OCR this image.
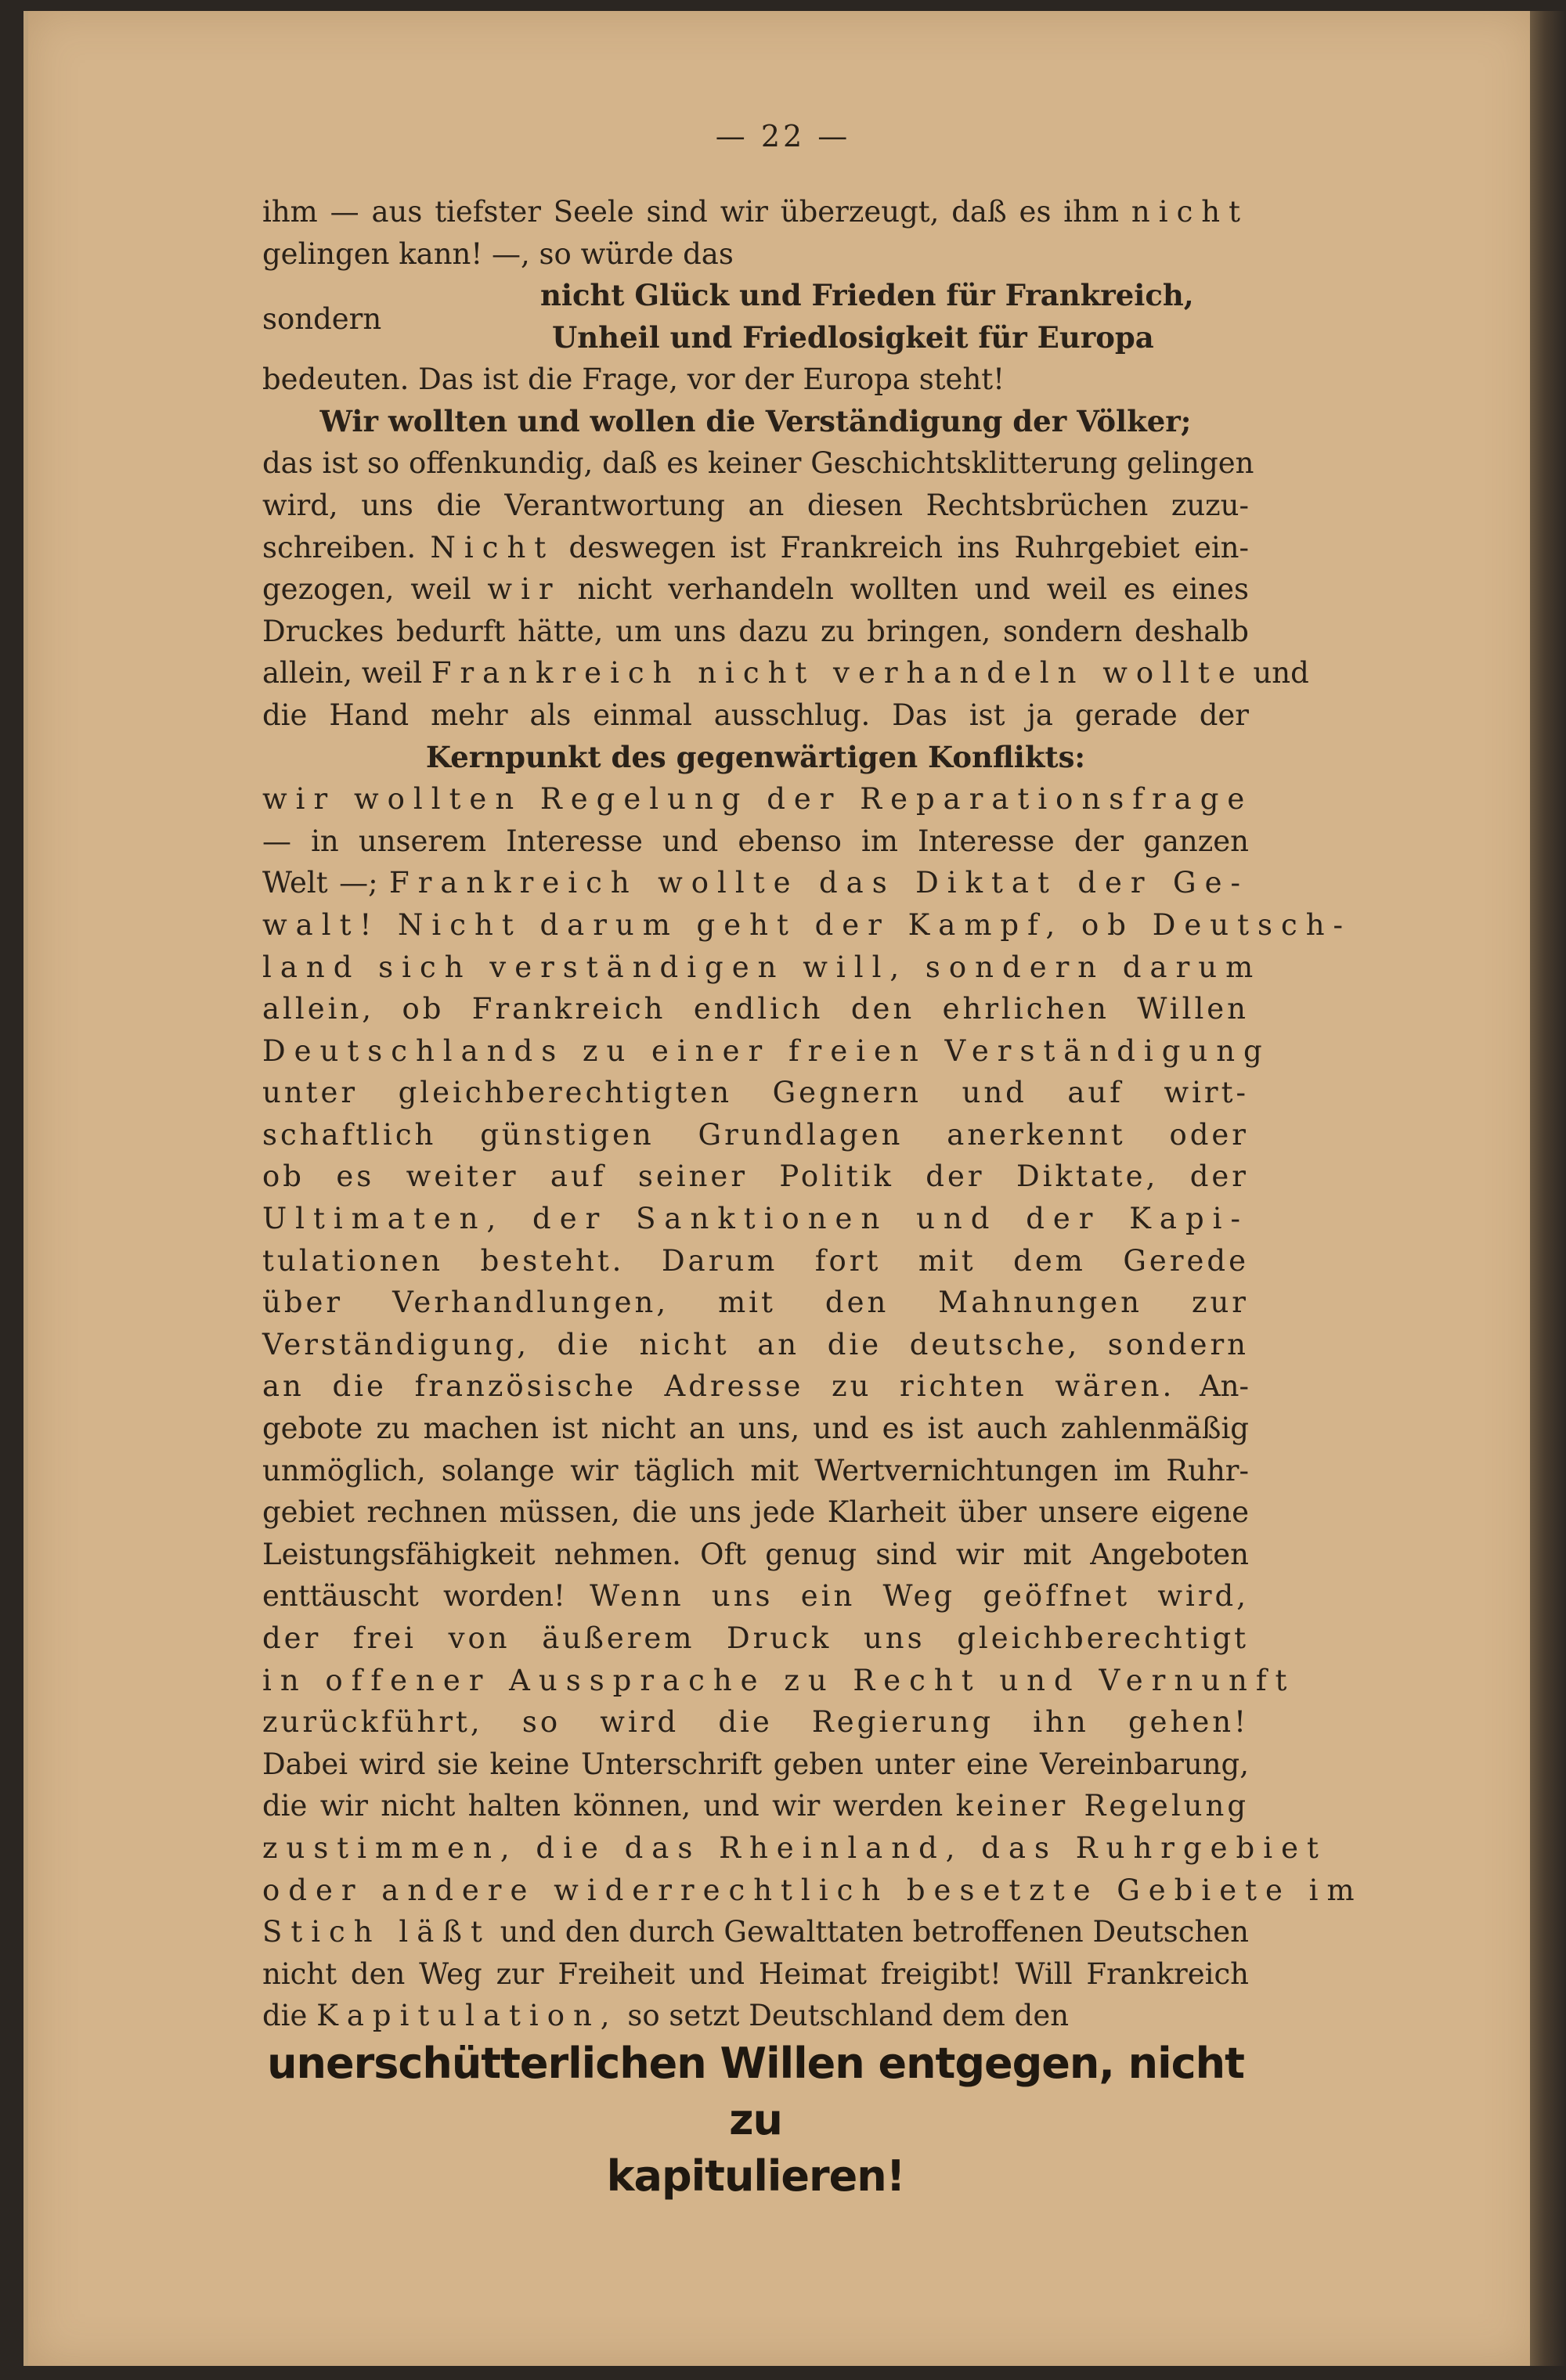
— 22 —
ihm — aus tiefster Seele sind wir überzeugt, daß es ihm nicht
gelingen kann! —, so würde das
sondern
nicht Glück und Frieden für Frankreich,
Unheil und Friedlosigkeit für Europa
bedeuten. Das ist die Frage, vor der Europa steht!
Wir wollten und wollen die Verständigung der Völker;
das ist so offenkundig, daß es keiner Geschichtsklitterung gelingen
wird, uns die Verantwortung an diesen Rechtsbrüchen zuzu-
schreiben. Nicht deswegen ist Frankreich ins Ruhrgebiet ein-
gezogen, weil wir nicht verhandeln wollten und weil es eines
Druckes bedurft hätte, um uns dazu zu bringen, sondern deshalb
allein, weil Frankreich nicht verhandeln wollte und
die Hand mehr als einmal ausschlug. Das ist ja gerade der
Kernpunkt des gegenwärtigen Konflikts:
wir wollten Regelung der Reparationsfrage
— in unserem Interesse und ebenso im Interesse der ganzen
Welt —; Frankreich wollte das Diktat der Ge-
walt! Nicht darum geht der Kampf, ob Deutsch-
land sich verständigen will, sondern darum
allein, ob Frankreich endlich den ehrlichen Willen
Deutschlands zu einer freien Verständigung
unter gleichberechtigten Gegnern und auf wirt-
schaftlich günstigen Grundlagen anerkennt oder
ob es weiter auf seiner Politik der Diktate, der
Ultimaten, der Sanktionen und der Kapi-
tulationen besteht. Darum fort mit dem Gerede
über Verhandlungen, mit den Mahnungen zur
Verständigung, die nicht an die deutsche, sondern
an die französische Adresse zu richten wären. An-
gebote zu machen ist nicht an uns, und es ist auch zahlenmäßig
unmöglich, solange wir täglich mit Wertvernichtungen im Ruhr-
gebiet rechnen müssen, die uns jede Klarheit über unsere eigene
Leistungsfähigkeit nehmen. Oft genug sind wir mit Angeboten
enttäuscht worden! Wenn uns ein Weg geöffnet wird,
der frei von äußerem Druck uns gleichberechtigt
in offener Aussprache zu Recht und Vernunft
zurückführt, so wird die Regierung ihn gehen!
Dabei wird sie keine Unterschrift geben unter eine Vereinbarung,
die wir nicht halten können, und wir werden keiner Regelung
zustimmen, die das Rheinland, das Ruhrgebiet
oder andere widerrechtlich besetzte Gebiete im
Stich läßt und den durch Gewalttaten betroffenen Deutschen
nicht den Weg zur Freiheit und Heimat freigibt! Will Frankreich
die Kapitulation, so setzt Deutschland dem den
unerschütterlichen Willen entgegen, nicht zu
kapitulieren!
